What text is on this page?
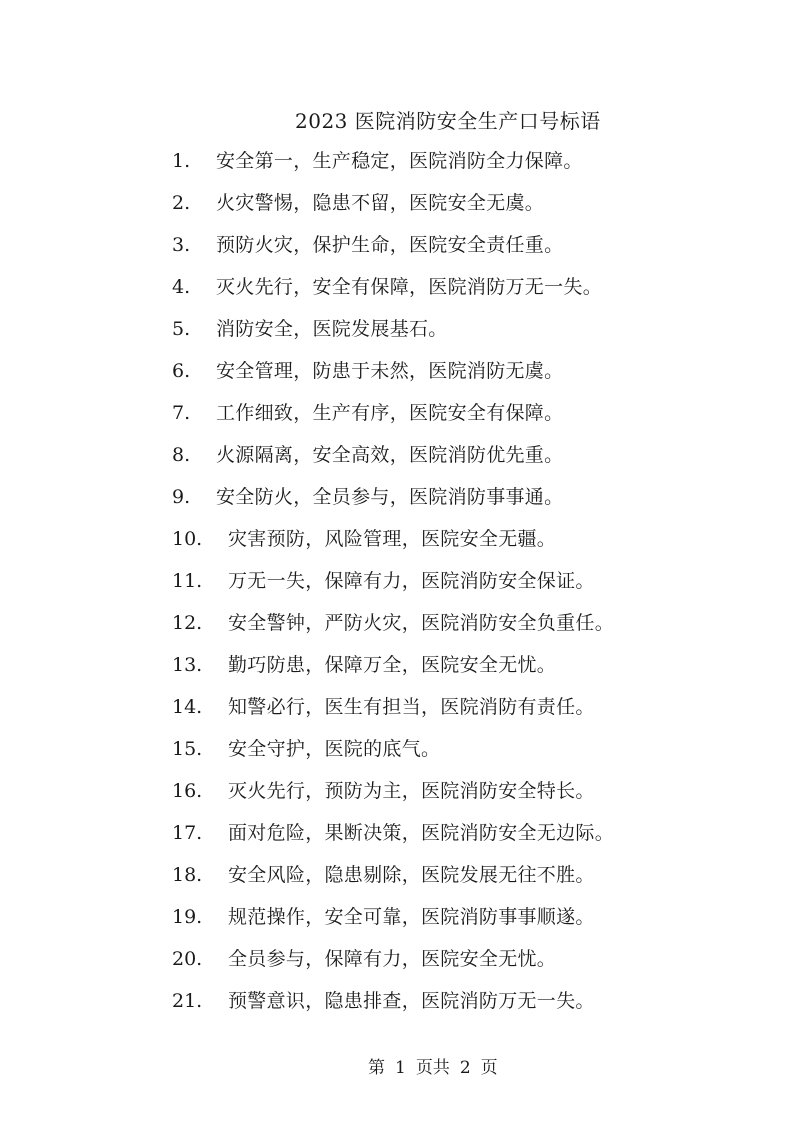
2023 医院消防安全生产口号标语
1.	安全第一，生产稳定，医院消防全力保障。
2.	火灾警惕，隐患不留，医院安全无虞。
3.	预防火灾，保护生命，医院安全责任重。
4.	灭火先行，安全有保障，医院消防万无一失。
5.	消防安全，医院发展基石。
6.	安全管理，防患于未然，医院消防无虞。
7.	工作细致，生产有序，医院安全有保障。
8.	火源隔离，安全高效，医院消防优先重。
9.	安全防火，全员参与，医院消防事事通。
10.	灾害预防，风险管理，医院安全无疆。
11.	万无一失，保障有力，医院消防安全保证。
12.	安全警钟，严防火灾，医院消防安全负重任。
13.	勤巧防患，保障万全，医院安全无忧。
14.	知警必行，医生有担当，医院消防有责任。
15.	安全守护，医院的底气。
16.	灭火先行，预防为主，医院消防安全特长。
17.	面对危险，果断决策，医院消防安全无边际。
18.	安全风险，隐患剔除，医院发展无往不胜。
19.	规范操作，安全可靠，医院消防事事顺遂。
20.	全员参与，保障有力，医院安全无忧。
21.	预警意识，隐患排查，医院消防万无一失。
第 1 页共 2 页
